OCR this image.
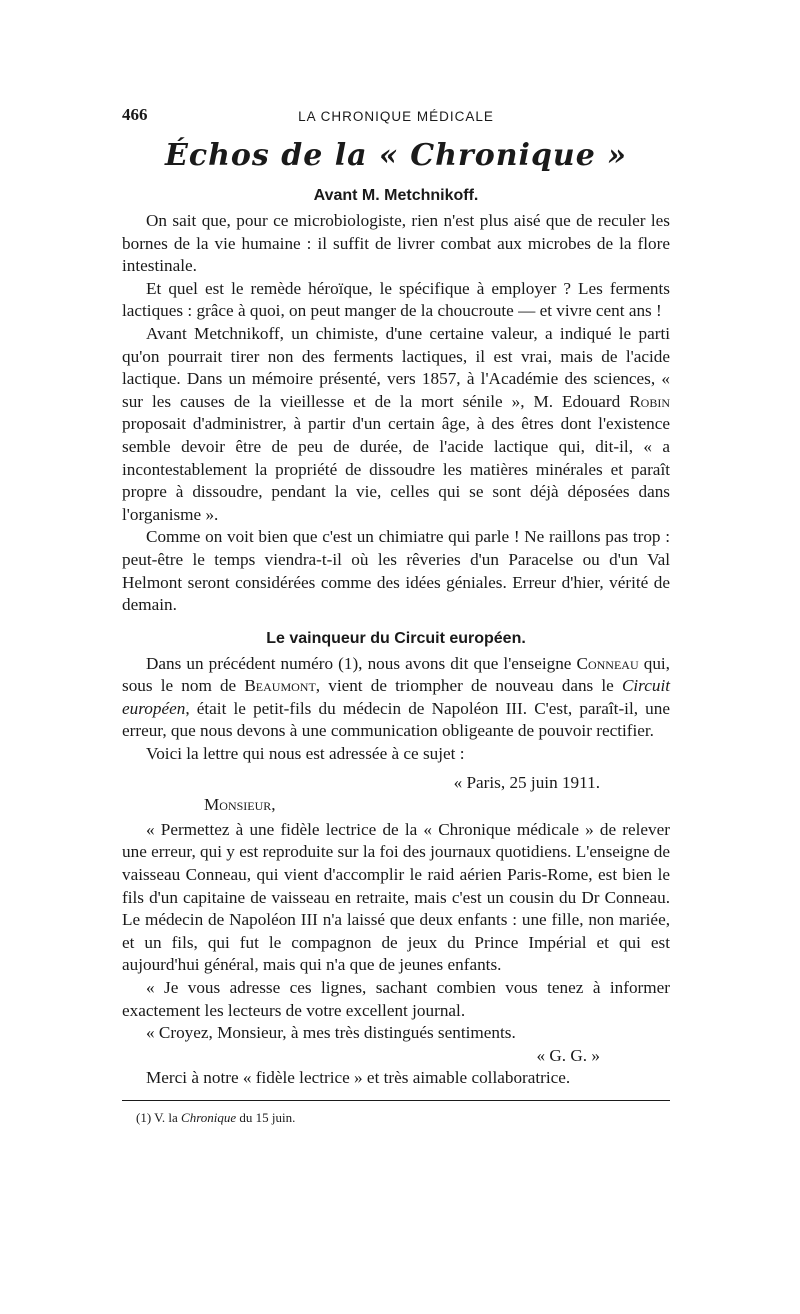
466	LA CHRONIQUE MÉDICALE
Échos de la « Chronique »
Avant M. Metchnikoff.

On sait que, pour ce microbiologiste, rien n'est plus aisé que de reculer les bornes de la vie humaine : il suffit de livrer combat aux microbes de la flore intestinale.

Et quel est le remède héroïque, le spécifique à employer ? Les ferments lactiques : grâce à quoi, on peut manger de la choucroute — et vivre cent ans !

Avant Metchnikoff, un chimiste, d'une certaine valeur, a indiqué le parti qu'on pourrait tirer non des ferments lactiques, il est vrai, mais de l'acide lactique. Dans un mémoire présenté, vers 1857, à l'Académie des sciences, « sur les causes de la vieillesse et de la mort sénile », M. Edouard Robin proposait d'administrer, à partir d'un certain âge, à des êtres dont l'existence semble devoir être de peu de durée, de l'acide lactique qui, dit-il, « a incontestablement la propriété de dissoudre les matières minérales et paraît propre à dissoudre, pendant la vie, celles qui se sont déjà déposées dans l'organisme ».

Comme on voit bien que c'est un chimiatre qui parle ! Ne raillons pas trop : peut-être le temps viendra-t-il où les rêveries d'un Paracelse ou d'un Val Helmont seront considérées comme des idées géniales. Erreur d'hier, vérité de demain.

Le vainqueur du Circuit européen.

Dans un précédent numéro (1), nous avons dit que l'enseigne Conneau qui, sous le nom de Beaumont, vient de triompher de nouveau dans le Circuit européen, était le petit-fils du médecin de Napoléon III. C'est, paraît-il, une erreur, que nous devons à une communication obligeante de pouvoir rectifier.

Voici la lettre qui nous est adressée à ce sujet :

« Paris, 25 juin 1911.

Monsieur,

« Permettez à une fidèle lectrice de la « Chronique médicale » de relever une erreur, qui y est reproduite sur la foi des journaux quotidiens. L'enseigne de vaisseau Conneau, qui vient d'accomplir le raid aérien Paris-Rome, est bien le fils d'un capitaine de vaisseau en retraite, mais c'est un cousin du Dr Conneau. Le médecin de Napoléon III n'a laissé que deux enfants : une fille, non mariée, et un fils, qui fut le compagnon de jeux du Prince Impérial et qui est aujourd'hui général, mais qui n'a que de jeunes enfants.

« Je vous adresse ces lignes, sachant combien vous tenez à informer exactement les lecteurs de votre excellent journal.

« Croyez, Monsieur, à mes très distingués sentiments.

« G. G. »

Merci à notre « fidèle lectrice » et très aimable collaboratrice.

(1) V. la Chronique du 15 juin.
